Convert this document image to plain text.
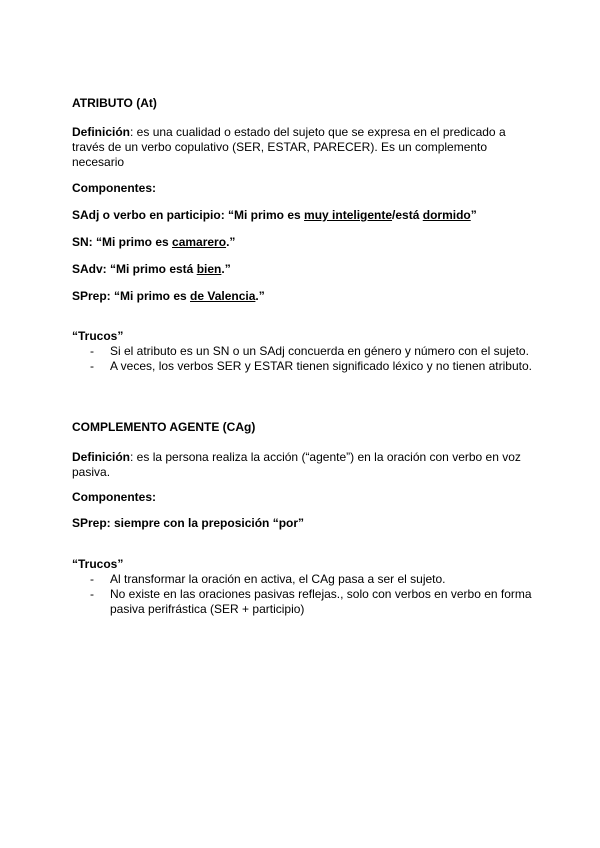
ATRIBUTO (At)
Definición: es una cualidad o estado del sujeto que se expresa en el predicado a través de un verbo copulativo (SER, ESTAR, PARECER). Es un complemento necesario
Componentes:
SAdj o verbo en participio: “Mi primo es muy inteligente/está dormido”
SN: “Mi primo es camarero.”
SAdv: “Mi primo está bien.”
SPrep: “Mi primo es de Valencia.”
“Trucos”
- Si el atributo es un SN o un SAdj concuerda en género y número con el sujeto.
- A veces, los verbos SER y ESTAR tienen significado léxico y no tienen atributo.
COMPLEMENTO AGENTE (CAg)
Definición: es la persona realiza la acción (“agente”) en la oración con verbo en voz pasiva.
Componentes:
SPrep: siempre con la preposición “por”
“Trucos”
- Al transformar la oración en activa, el CAg pasa a ser el sujeto.
- No existe en las oraciones pasivas reflejas., solo con verbos en verbo en forma pasiva perifrástica (SER + participio)
